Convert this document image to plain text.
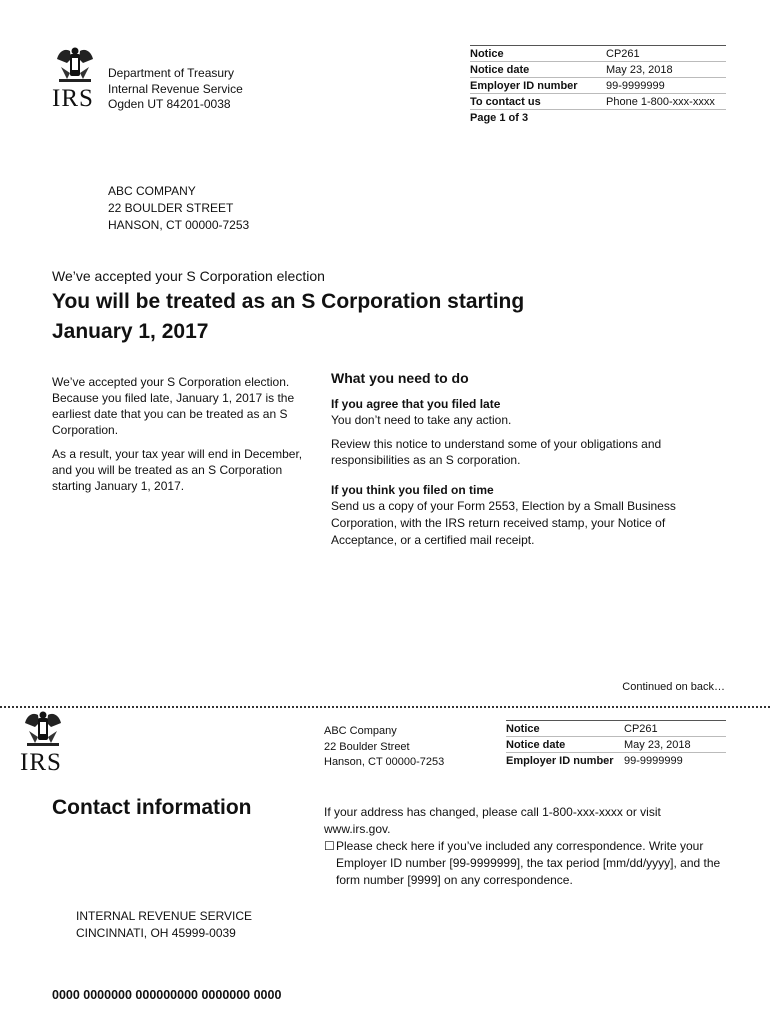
IRS
Department of Treasury
Internal Revenue Service
Ogden UT 84201-0038
Notice	CP261
Notice date	May 23, 2018
Employer ID number	99-9999999
To contact us	Phone 1-800-xxx-xxxx
Page 1 of 3	
ABC COMPANY
22 BOULDER STREET
HANSON, CT 00000-7253
We’ve accepted your S Corporation election
You will be treated as an S Corporation starting
January 1, 2017

We’ve accepted your S Corporation election. Because you filed late, January 1, 2017 is the earliest date that you can be treated as an S Corporation.

As a result, your tax year will end in December, and you will be treated as an S Corporation starting January 1, 2017.

What you need to do
If you agree that you filed late

You don’t need to take any action.

Review this notice to understand some of your obligations and responsibilities as an S corporation.

If you think you filed on time

Send us a copy of your Form 2553, Election by a Small Business Corporation, with the IRS return received stamp, your Notice of Acceptance, or a certified mail receipt.

Continued on back…
IRS
ABC Company
22 Boulder Street
Hanson, CT 00000-7253
Notice	CP261
Notice date	May 23, 2018
Employer ID number	99-9999999
Contact information	If your address has changed, please call 1-800-xxx-xxxx or visit www.irs.gov.
☐ Please check here if you’ve included any correspondence. Write your Employer ID number [99-9999999], the tax period [mm/dd/yyyy], and the form number [9999] on any correspondence.
INTERNAL REVENUE SERVICE
CINCINNATI, OH 45999-0039
0000 0000000 000000000 0000000 0000
